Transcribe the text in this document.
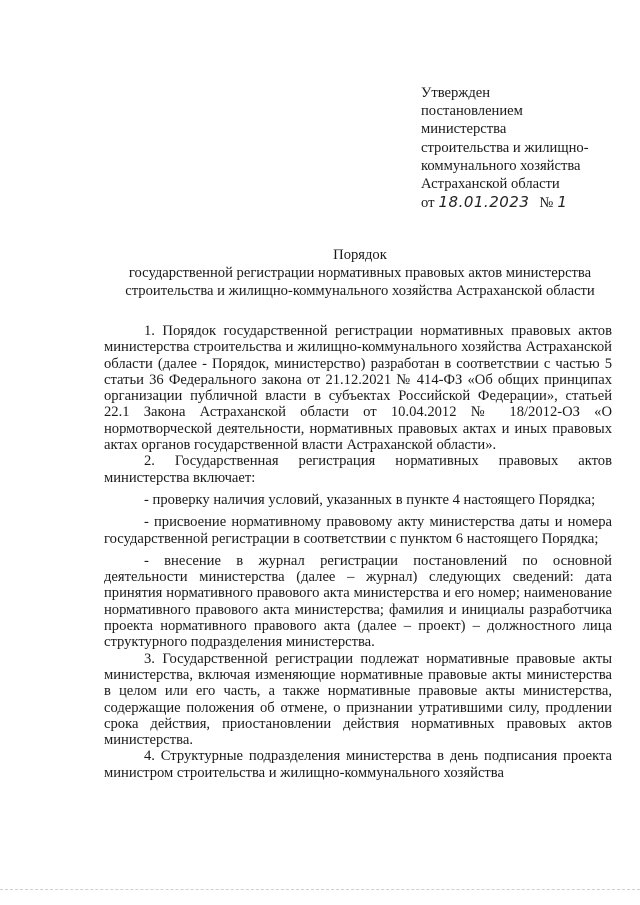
Утвержден
постановлением
министерства
строительства и жилищно-
коммунального хозяйства
Астраханской области
от 18.01.2023 № 1
Порядок
государственной регистрации нормативных правовых актов министерства
строительства и жилищно-коммунального хозяйства Астраханской области

1. Порядок государственной регистрации нормативных правовых актов министерства строительства и жилищно-коммунального хозяйства Астраханской области (далее - Порядок, министерство) разработан в соответствии с частью 5 статьи 36 Федерального закона от 21.12.2021 № 414-ФЗ «Об общих принципах организации публичной власти в субъектах Российской Федерации», статьей 22.1 Закона Астраханской области от 10.04.2012 № 18/2012-ОЗ «О нормотворческой деятельности, нормативных правовых актах и иных правовых актах органов государственной власти Астраханской области».

2. Государственная регистрация нормативных правовых актов министерства включает:

- проверку наличия условий, указанных в пункте 4 настоящего Порядка;

- присвоение нормативному правовому акту министерства даты и номера государственной регистрации в соответствии с пунктом 6 настоящего Порядка;

- внесение в журнал регистрации постановлений по основной деятельности министерства (далее – журнал) следующих сведений: дата принятия нормативного правового акта министерства и его номер; наименование нормативного правового акта министерства; фамилия и инициалы разработчика проекта нормативного правового акта (далее – проект) – должностного лица структурного подразделения министерства.

3. Государственной регистрации подлежат нормативные правовые акты министерства, включая изменяющие нормативные правовые акты министерства в целом или его часть, а также нормативные правовые акты министерства, содержащие положения об отмене, о признании утратившими силу, продлении срока действия, приостановлении действия нормативных правовых актов министерства.

4. Структурные подразделения министерства в день подписания проекта министром строительства и жилищно-коммунального хозяйства
